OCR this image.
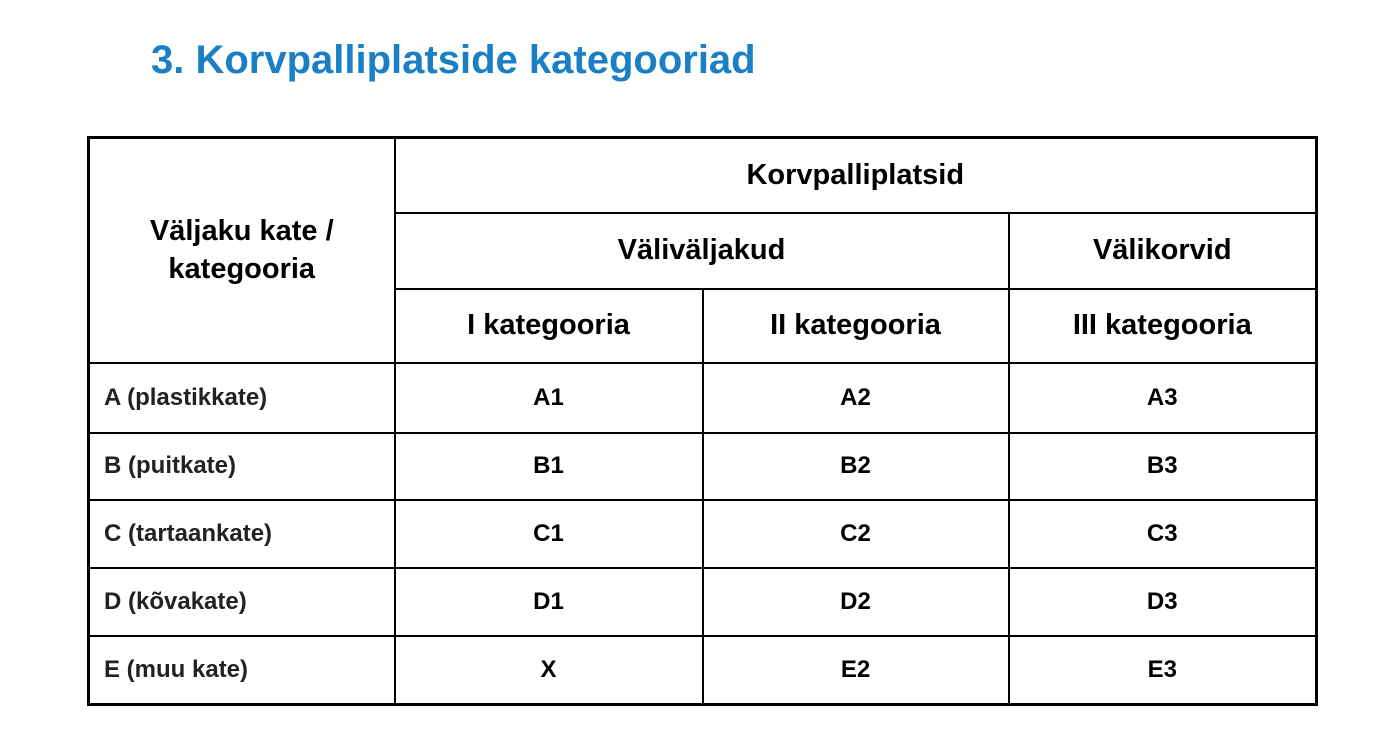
3. Korvpalliplatside kategooriad
Väljaku kate /
kategooria	Korvpalliplatsid		
	Väliväljakud		Välikorvid
	I kategooria	II kategooria	III kategooria
A (plastikkate)	A1	A2	A3
B (puitkate)	B1	B2	B3
C (tartaankate)	C1	C2	C3
D (kõvakate)	D1	D2	D3
E (muu kate)	X	E2	E3
